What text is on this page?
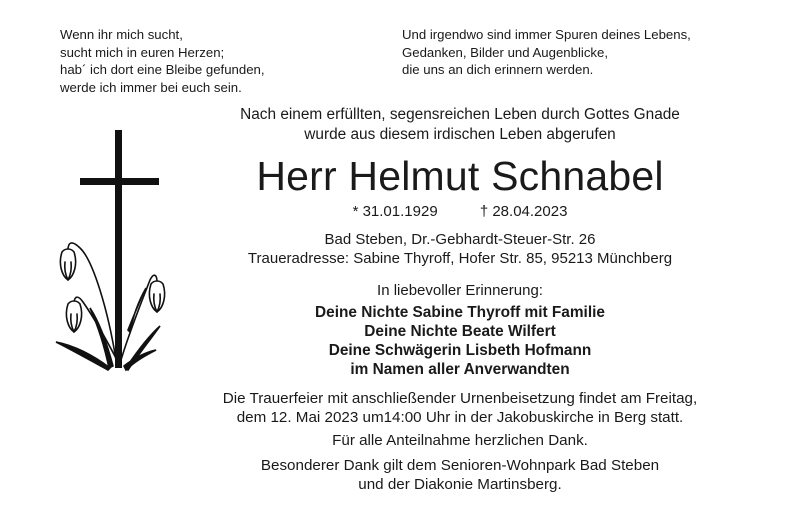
Wenn ihr mich sucht,
sucht mich in euren Herzen;
hab´ ich dort eine Bleibe gefunden,
werde ich immer bei euch sein.
Und irgendwo sind immer Spuren deines Lebens,
Gedanken, Bilder und Augenblicke,
die uns an dich erinnern werden.
Nach einem erfüllten, segensreichen Leben durch Gottes Gnade
wurde aus diesem irdischen Leben abgerufen
Herr Helmut Schnabel
* 31.01.1929	† 28.04.2023
Bad Steben, Dr.-Gebhardt-Steuer-Str. 26
Traueradresse: Sabine Thyroff, Hofer Str. 85, 95213 Münchberg
In liebevoller Erinnerung:
Deine Nichte Sabine Thyroff mit Familie
Deine Nichte Beate Wilfert
Deine Schwägerin Lisbeth Hofmann
im Namen aller Anverwandten
Die Trauerfeier mit anschließender Urnenbeisetzung findet am Freitag,
dem 12. Mai 2023 um14:00 Uhr in der Jakobuskirche in Berg statt.
Für alle Anteilnahme herzlichen Dank.
Besonderer Dank gilt dem Senioren-Wohnpark Bad Steben
und der Diakonie Martinsberg.
